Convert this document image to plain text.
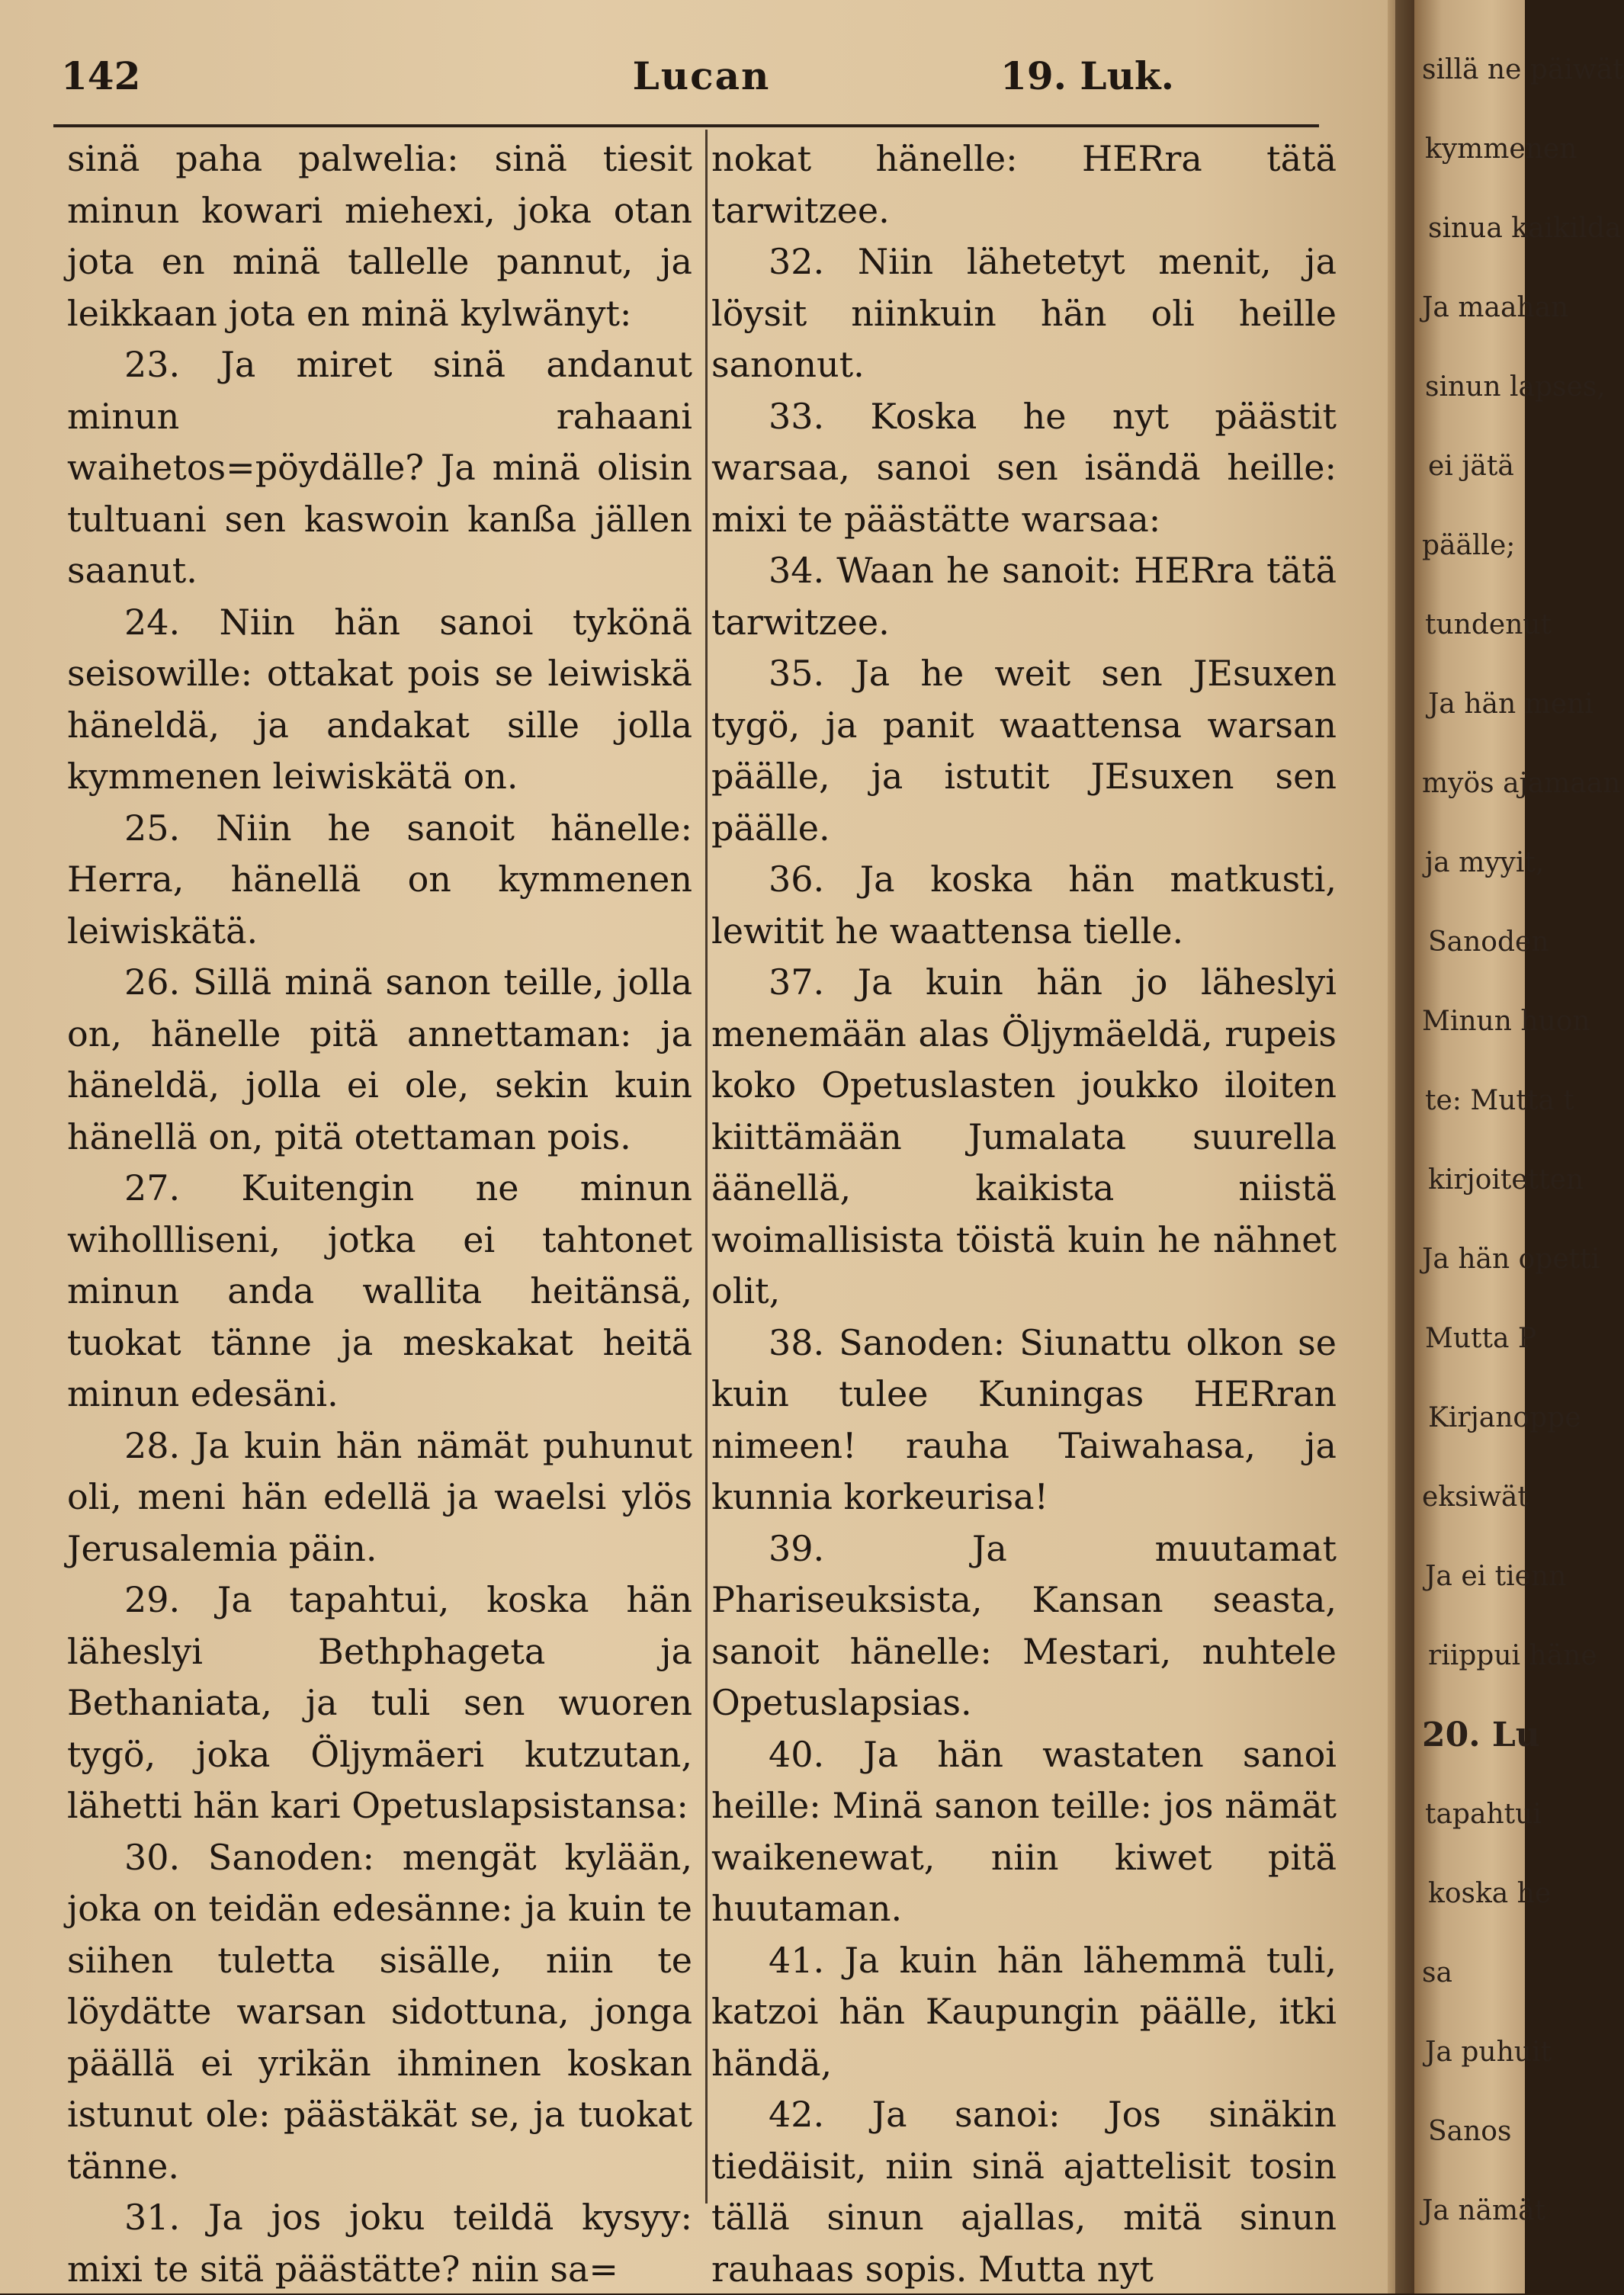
142	Lucan	19. Luk.

sinä paha palwelia: sinä tiesit minun kowari miehexi, joka otan jota en minä tallelle pannut, ja leikkaan jota en minä kylwänyt:

23. Ja miret sinä andanut minun rahaani waihetos=pöydälle? Ja minä olisin tultuani sen kaswoin kanßa jällen saanut.

24. Niin hän sanoi tykönä seisowille: ottakat pois se leiwiskä häneldä, ja andakat sille jolla kymmenen leiwiskätä on.

25. Niin he sanoit hänelle: Herra, hänellä on kymmenen leiwiskätä.

26. Sillä minä sanon teille, jolla on, hänelle pitä annettaman: ja häneldä, jolla ei ole, sekin kuin hänellä on, pitä otettaman pois.

27. Kuitengin ne minun wihollliseni, jotka ei tahtonet minun anda wallita heitänsä, tuokat tänne ja meskakat heitä minun edesäni.

28. Ja kuin hän nämät puhunut oli, meni hän edellä ja waelsi ylös Jerusalemia päin.

29. Ja tapahtui, koska hän läheslyi Bethphageta ja Bethaniata, ja tuli sen wuoren tygö, joka Öljymäeri kutzutan, lähetti hän kari Opetuslapsistansa:

30. Sanoden: mengät kylään, joka on teidän edesänne: ja kuin te siihen tuletta sisälle, niin te löydätte warsan sidottuna, jonga päällä ei yrikän ihminen koskan istunut ole: päästäkät se, ja tuokat tänne.

31. Ja jos joku teildä kysyy: mixi te sitä päästätte? niin sa=

nokat hänelle: HERra tätä tarwitzee.

32. Niin lähetetyt menit, ja löysit niinkuin hän oli heille sanonut.

33. Koska he nyt päästit warsaa, sanoi sen isändä heille: mixi te päästätte warsaa:

34. Waan he sanoit: HERra tätä tarwitzee.

35. Ja he weit sen JEsuxen tygö, ja panit waattensa warsan päälle, ja istutit JEsuxen sen päälle.

36. Ja koska hän matkusti, lewitit he waattensa tielle.

37. Ja kuin hän jo läheslyi menemään alas Öljymäeldä, rupeis koko Opetuslasten joukko iloiten kiittämään Jumalata suurella äänellä, kaikista niistä woimallisista töistä kuin he nähnet olit,

38. Sanoden: Siunattu olkon se kuin tulee Kuningas HERran nimeen! rauha Taiwahasa, ja kunnia korkeurisa!

39. Ja muutamat Phariseuksista, Kansan seasta, sanoit hänelle: Mestari, nuhtele Opetuslapsias.

40. Ja hän wastaten sanoi heille: Minä sanon teille: jos nämät waikenewat, niin kiwet pitä huutaman.

41. Ja kuin hän lähemmä tuli, katzoi hän Kaupungin päälle, itki händä,

42. Ja sanoi: Jos sinäkin tiedäisit, niin sinä ajattelisit tosin tällä sinun ajallas, mitä sinun rauhaas sopis. Mutta nyt

sillä ne päiwät
kymmenen
sinua kaikilda
Ja maahan
sinun lapses,
ei jätä
päälle;
tundenut
Ja hän meni
myös ajamaan
ja myyit,
Sanoden
Minun huon
te: Mutta t
kirjoitetten
Ja hän opetti
Mutta P
Kirjanoppe
eksiwät
Ja ei tienn
riippui häne
20. Lu
tapahtui
koska he
sa
Ja puhuit
Sanos
Ja nämät
